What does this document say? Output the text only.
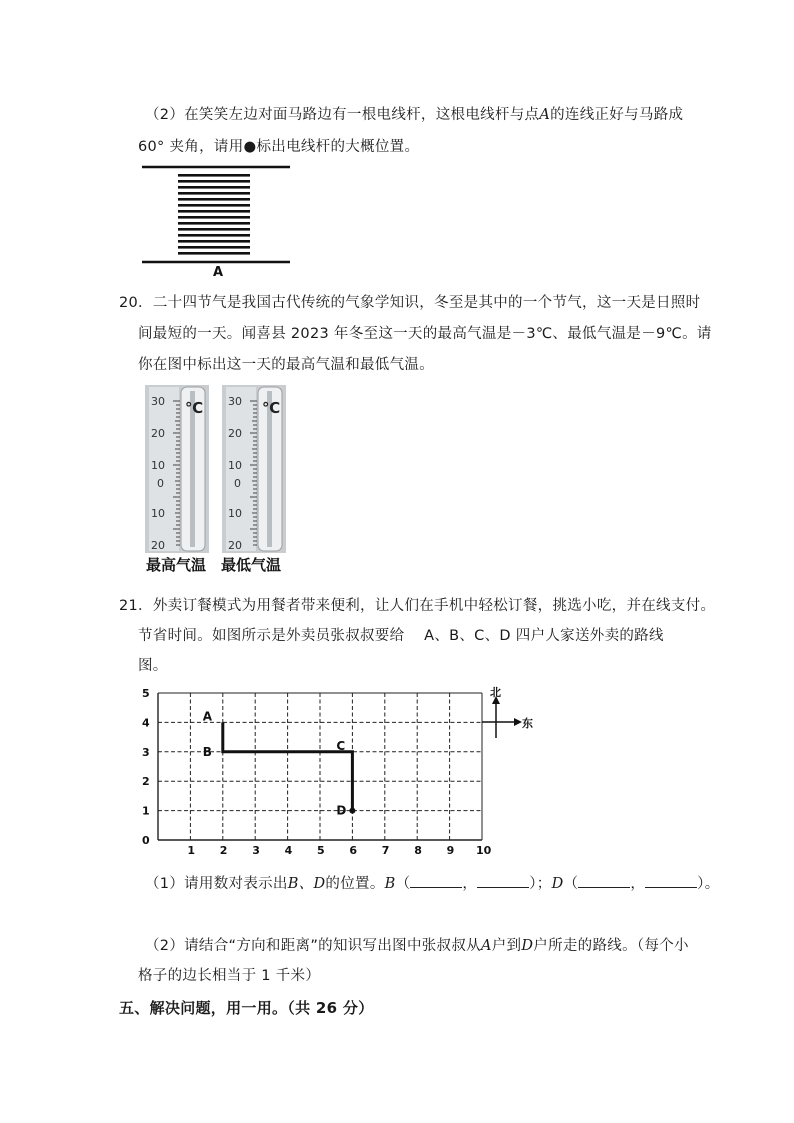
（2）在笑笑左边对面马路边有一根电线杆，这根电线杆与点A的连线正好与马路成
60° 夹角，请用●标出电线杆的大概位置。
A
20．二十四节气是我国古代传统的气象学知识，冬至是其中的一个节气，这一天是日照时
间最短的一天。闻喜县 2023 年冬至这一天的最高气温是－3℃、最低气温是－9℃。请
你在图中标出这一天的最高气温和最低气温。
30
20
10
0
10
20
℃ 30
20
10
0
10
20
℃
最高气温 最低气温
21．外卖订餐模式为用餐者带来便利，让人们在手机中轻松订餐，挑选小吃，并在线支付。
节省时间。如图所示是外卖员张叔叔要给　 A、B、C、D 四户人家送外卖的路线
图。
0
1
2
3
4
5
1 2 3 4 5 6 7 8 9 10
A
B	C
D
北
东
（1）请用数对表示出B、D的位置。B（	，	）；D（	，	）。
（2）请结合“方向和距离”的知识写出图中张叔叔从A户到D户所走的路线。（每个小
格子的边长相当于 1 千米）
五、解决问题，用一用。（共 26 分）
